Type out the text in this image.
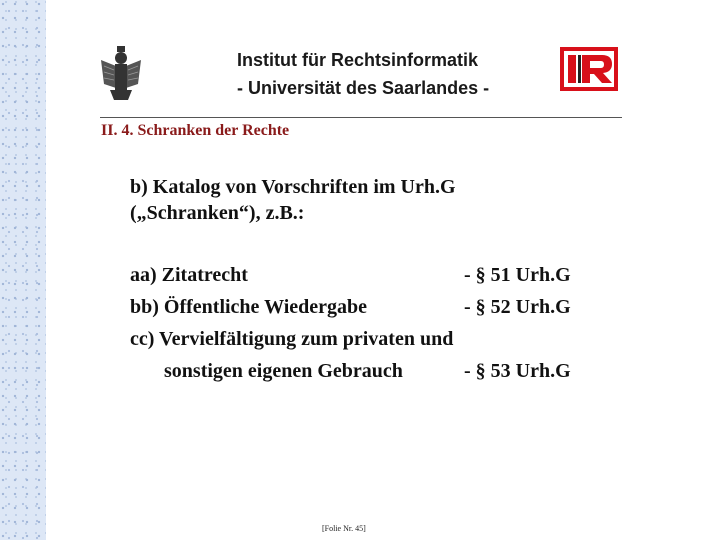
Institut für Rechtsinformatik
- Universität des Saarlandes -
II. 4. Schranken der Rechte
b) Katalog von Vorschriften im Urh.G
(„Schranken“), z.B.:
aa) Zitatrecht	- § 51 Urh.G
bb) Öffentliche Wiedergabe	- § 52 Urh.G
cc) Vervielfältigung zum privaten und
sonstigen eigenen Gebrauch	- § 53 Urh.G
[Folie Nr. 45]
